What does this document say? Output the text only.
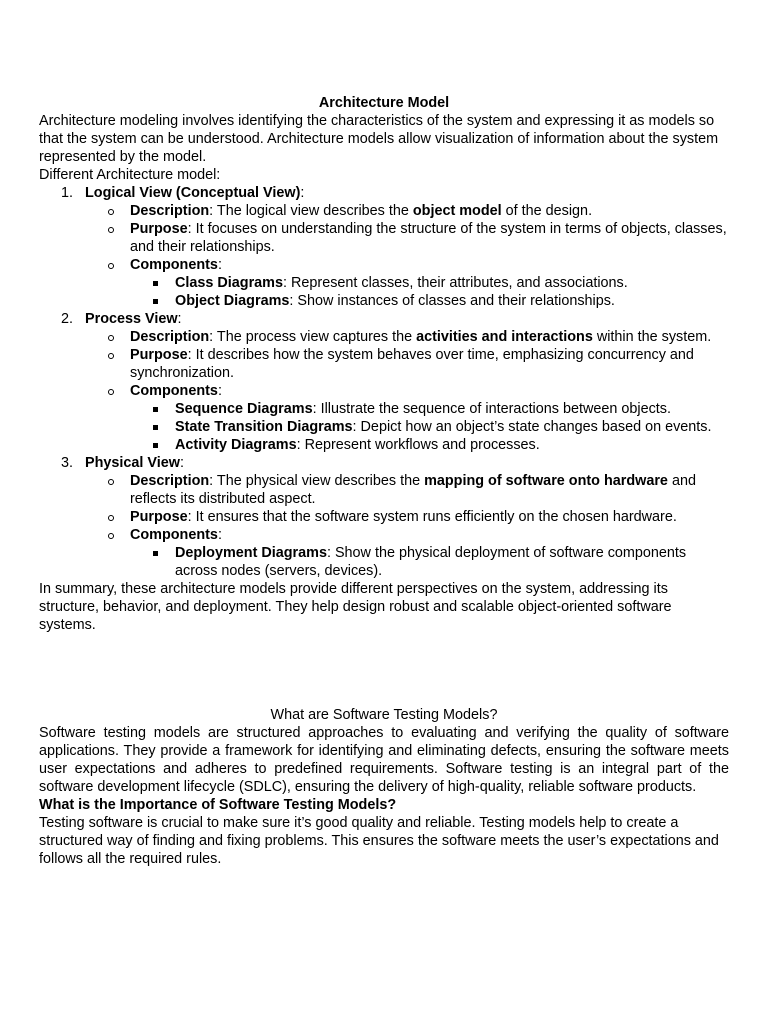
Architecture Model

Architecture modeling involves identifying the characteristics of the system and expressing it as models so that the system can be understood. Architecture models allow visualization of information about the system represented by the model.

Different Architecture model:

1. Logical View (Conceptual View):

Description: The logical view describes the object model of the design.
Purpose: It focuses on understanding the structure of the system in terms of objects, classes, and their relationships.
Components:
Class Diagrams: Represent classes, their attributes, and associations.
Object Diagrams: Show instances of classes and their relationships.
2. Process View:

Description: The process view captures the activities and interactions within the system.
Purpose: It describes how the system behaves over time, emphasizing concurrency and synchronization.
Components:
Sequence Diagrams: Illustrate the sequence of interactions between objects.
State Transition Diagrams: Depict how an object’s state changes based on events.
Activity Diagrams: Represent workflows and processes.
3. Physical View:

Description: The physical view describes the mapping of software onto hardware and reflects its distributed aspect.
Purpose: It ensures that the software system runs efficiently on the chosen hardware.
Components:
Deployment Diagrams: Show the physical deployment of software components across nodes (servers, devices).

In summary, these architecture models provide different perspectives on the system, addressing its structure, behavior, and deployment. They help design robust and scalable object-oriented software systems.

What are Software Testing Models?

Software testing models are structured approaches to evaluating and verifying the quality of software applications. They provide a framework for identifying and eliminating defects, ensuring the software meets user expectations and adheres to predefined requirements. Software testing is an integral part of the software development lifecycle (SDLC), ensuring the delivery of high-quality, reliable software products.

What is the Importance of Software Testing Models?

Testing software is crucial to make sure it’s good quality and reliable. Testing models help to create a structured way of finding and fixing problems. This ensures the software meets the user’s expectations and follows all the required rules.
